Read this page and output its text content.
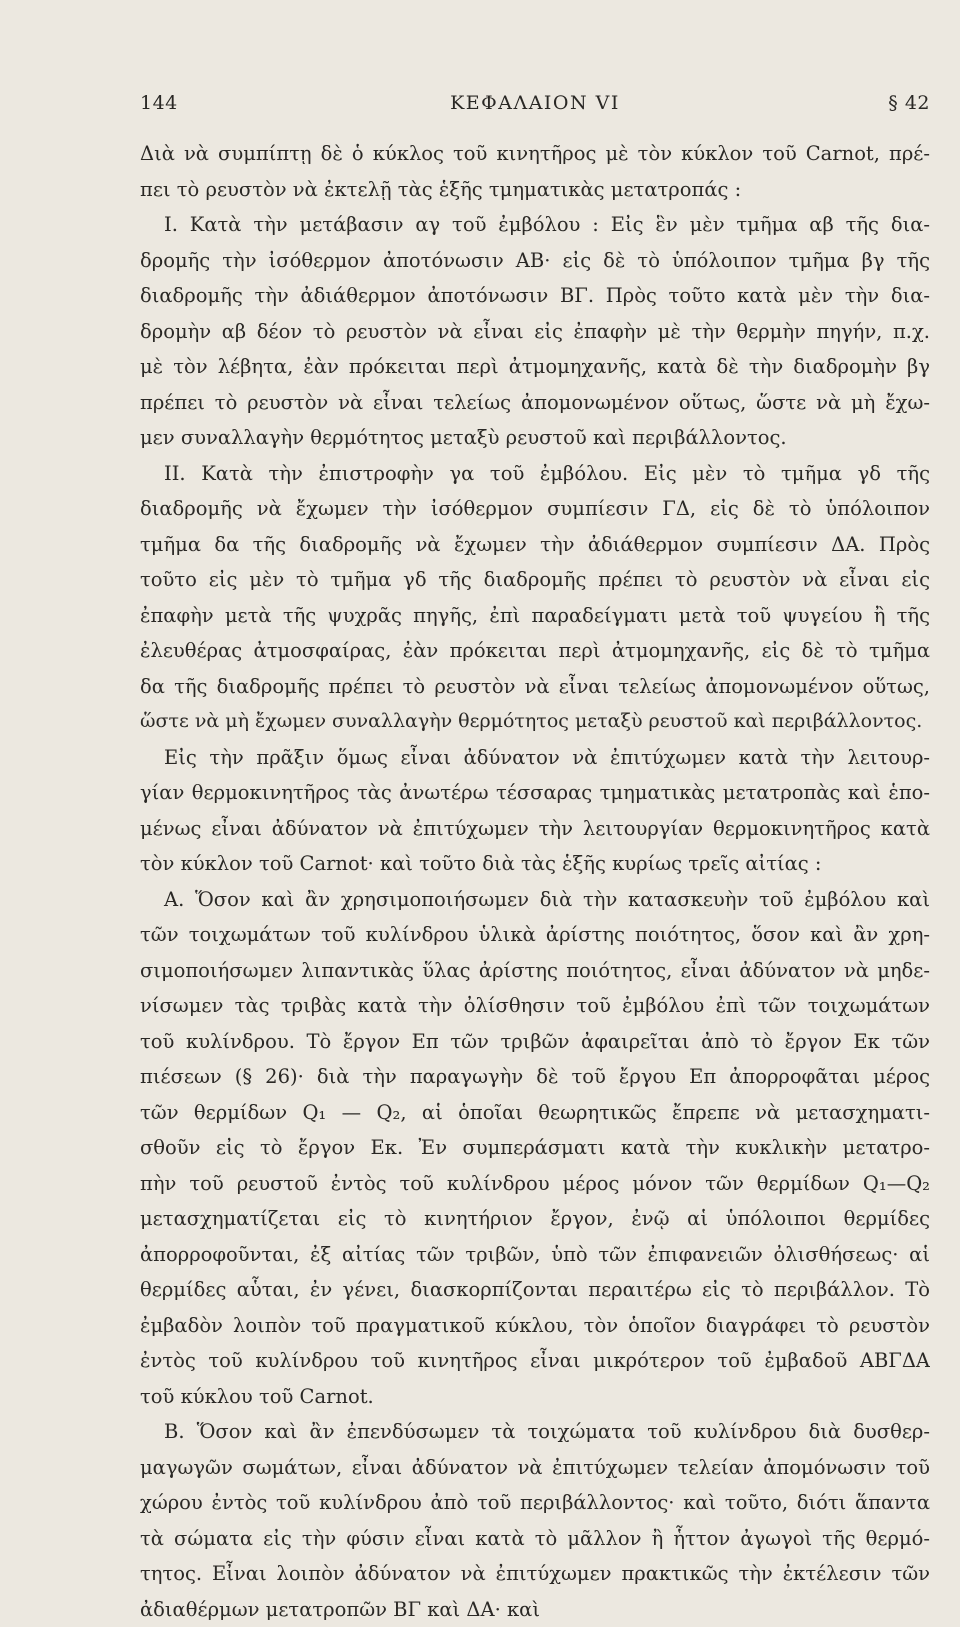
144	ΚΕΦΑΛΑΙΟΝ VI	§ 42
Διὰ νὰ συμπίπτῃ δὲ ὁ κύκλος τοῦ κινητῆρος μὲ τὸν κύκλον τοῦ Carnot, πρέ-
πει τὸ ρευστὸν νὰ ἐκτελῇ τὰς ἑξῆς τμηματικὰς μετατροπάς :
I. Κατὰ τὴν μετάβασιν αγ τοῦ ἐμβόλου : Εἰς ἓν μὲν τμῆμα αβ τῆς δια-
δρομῆς τὴν ἰσόθερμον ἀποτόνωσιν ΑΒ· εἰς δὲ τὸ ὑπόλοιπον τμῆμα βγ τῆς
διαδρομῆς τὴν ἀδιάθερμον ἀποτόνωσιν ΒΓ. Πρὸς τοῦτο κατὰ μὲν τὴν δια-
δρομὴν αβ δέον τὸ ρευστὸν νὰ εἶναι εἰς ἐπαφὴν μὲ τὴν θερμὴν πηγήν, π.χ.
μὲ τὸν λέβητα, ἐὰν πρόκειται περὶ ἀτμομηχανῆς, κατὰ δὲ τὴν διαδρομὴν βγ
πρέπει τὸ ρευστὸν νὰ εἶναι τελείως ἀπομονωμένον οὕτως, ὥστε νὰ μὴ ἔχω-
μεν συναλλαγὴν θερμότητος μεταξὺ ρευστοῦ καὶ περιβάλλοντος.
II. Κατὰ τὴν ἐπιστροφὴν γα τοῦ ἐμβόλου. Εἰς μὲν τὸ τμῆμα γδ τῆς
διαδρομῆς νὰ ἔχωμεν τὴν ἰσόθερμον συμπίεσιν ΓΔ, εἰς δὲ τὸ ὑπόλοιπον
τμῆμα δα τῆς διαδρομῆς νὰ ἔχωμεν τὴν ἀδιάθερμον συμπίεσιν ΔΑ. Πρὸς
τοῦτο εἰς μὲν τὸ τμῆμα γδ τῆς διαδρομῆς πρέπει τὸ ρευστὸν νὰ εἶναι εἰς
ἐπαφὴν μετὰ τῆς ψυχρᾶς πηγῆς, ἐπὶ παραδείγματι μετὰ τοῦ ψυγείου ἢ τῆς
ἐλευθέρας ἀτμοσφαίρας, ἐὰν πρόκειται περὶ ἀτμομηχανῆς, εἰς δὲ τὸ τμῆμα
δα τῆς διαδρομῆς πρέπει τὸ ρευστὸν νὰ εἶναι τελείως ἀπομονωμένον οὕτως,
ὥστε νὰ μὴ ἔχωμεν συναλλαγὴν θερμότητος μεταξὺ ρευστοῦ καὶ περιβάλλοντος.
Εἰς τὴν πρᾶξιν ὅμως εἶναι ἀδύνατον νὰ ἐπιτύχωμεν κατὰ τὴν λειτουρ-
γίαν θερμοκινητῆρος τὰς ἀνωτέρω τέσσαρας τμηματικὰς μετατροπὰς καὶ ἑπο-
μένως εἶναι ἀδύνατον νὰ ἐπιτύχωμεν τὴν λειτουργίαν θερμοκινητῆρος κατὰ
τὸν κύκλον τοῦ Carnot· καὶ τοῦτο διὰ τὰς ἑξῆς κυρίως τρεῖς αἰτίας :
Α. Ὅσον καὶ ἂν χρησιμοποιήσωμεν διὰ τὴν κατασκευὴν τοῦ ἐμβόλου καὶ
τῶν τοιχωμάτων τοῦ κυλίνδρου ὑλικὰ ἀρίστης ποιότητος, ὅσον καὶ ἂν χρη-
σιμοποιήσωμεν λιπαντικὰς ὕλας ἀρίστης ποιότητος, εἶναι ἀδύνατον νὰ μηδε-
νίσωμεν τὰς τριβὰς κατὰ τὴν ὀλίσθησιν τοῦ ἐμβόλου ἐπὶ τῶν τοιχωμάτων
τοῦ κυλίνδρου. Τὸ ἔργον Eπ τῶν τριβῶν ἀφαιρεῖται ἀπὸ τὸ ἔργον Eκ τῶν
πιέσεων (§ 26)· διὰ τὴν παραγωγὴν δὲ τοῦ ἔργου Eπ ἀπορροφᾶται μέρος
τῶν θερμίδων Q₁ — Q₂, αἱ ὁποῖαι θεωρητικῶς ἔπρεπε νὰ μετασχηματι-
σθοῦν εἰς τὸ ἔργον Eκ. Ἐν συμπεράσματι κατὰ τὴν κυκλικὴν μετατρο-
πὴν τοῦ ρευστοῦ ἐντὸς τοῦ κυλίνδρου μέρος μόνον τῶν θερμίδων Q₁—Q₂
μετασχηματίζεται εἰς τὸ κινητήριον ἔργον, ἐνῷ αἱ ὑπόλοιποι θερμίδες
ἀπορροφοῦνται, ἐξ αἰτίας τῶν τριβῶν, ὑπὸ τῶν ἐπιφανειῶν ὀλισθήσεως· αἱ
θερμίδες αὗται, ἐν γένει, διασκορπίζονται περαιτέρω εἰς τὸ περιβάλλον. Τὸ
ἐμβαδὸν λοιπὸν τοῦ πραγματικοῦ κύκλου, τὸν ὁποῖον διαγράφει τὸ ρευστὸν
ἐντὸς τοῦ κυλίνδρου τοῦ κινητῆρος εἶναι μικρότερον τοῦ ἐμβαδοῦ ΑΒΓΔΑ
τοῦ κύκλου τοῦ Carnot.
Β. Ὅσον καὶ ἂν ἐπενδύσωμεν τὰ τοιχώματα τοῦ κυλίνδρου διὰ δυσθερ-
μαγωγῶν σωμάτων, εἶναι ἀδύνατον νὰ ἐπιτύχωμεν τελείαν ἀπομόνωσιν τοῦ
χώρου ἐντὸς τοῦ κυλίνδρου ἀπὸ τοῦ περιβάλλοντος· καὶ τοῦτο, διότι ἅπαντα
τὰ σώματα εἰς τὴν φύσιν εἶναι κατὰ τὸ μᾶλλον ἢ ἧττον ἀγωγοὶ τῆς θερμό-
τητος. Εἶναι λοιπὸν ἀδύνατον νὰ ἐπιτύχωμεν πρακτικῶς τὴν ἐκτέλεσιν τῶν
ἀδιαθέρμων μετατροπῶν ΒΓ καὶ ΔΑ· καὶ
